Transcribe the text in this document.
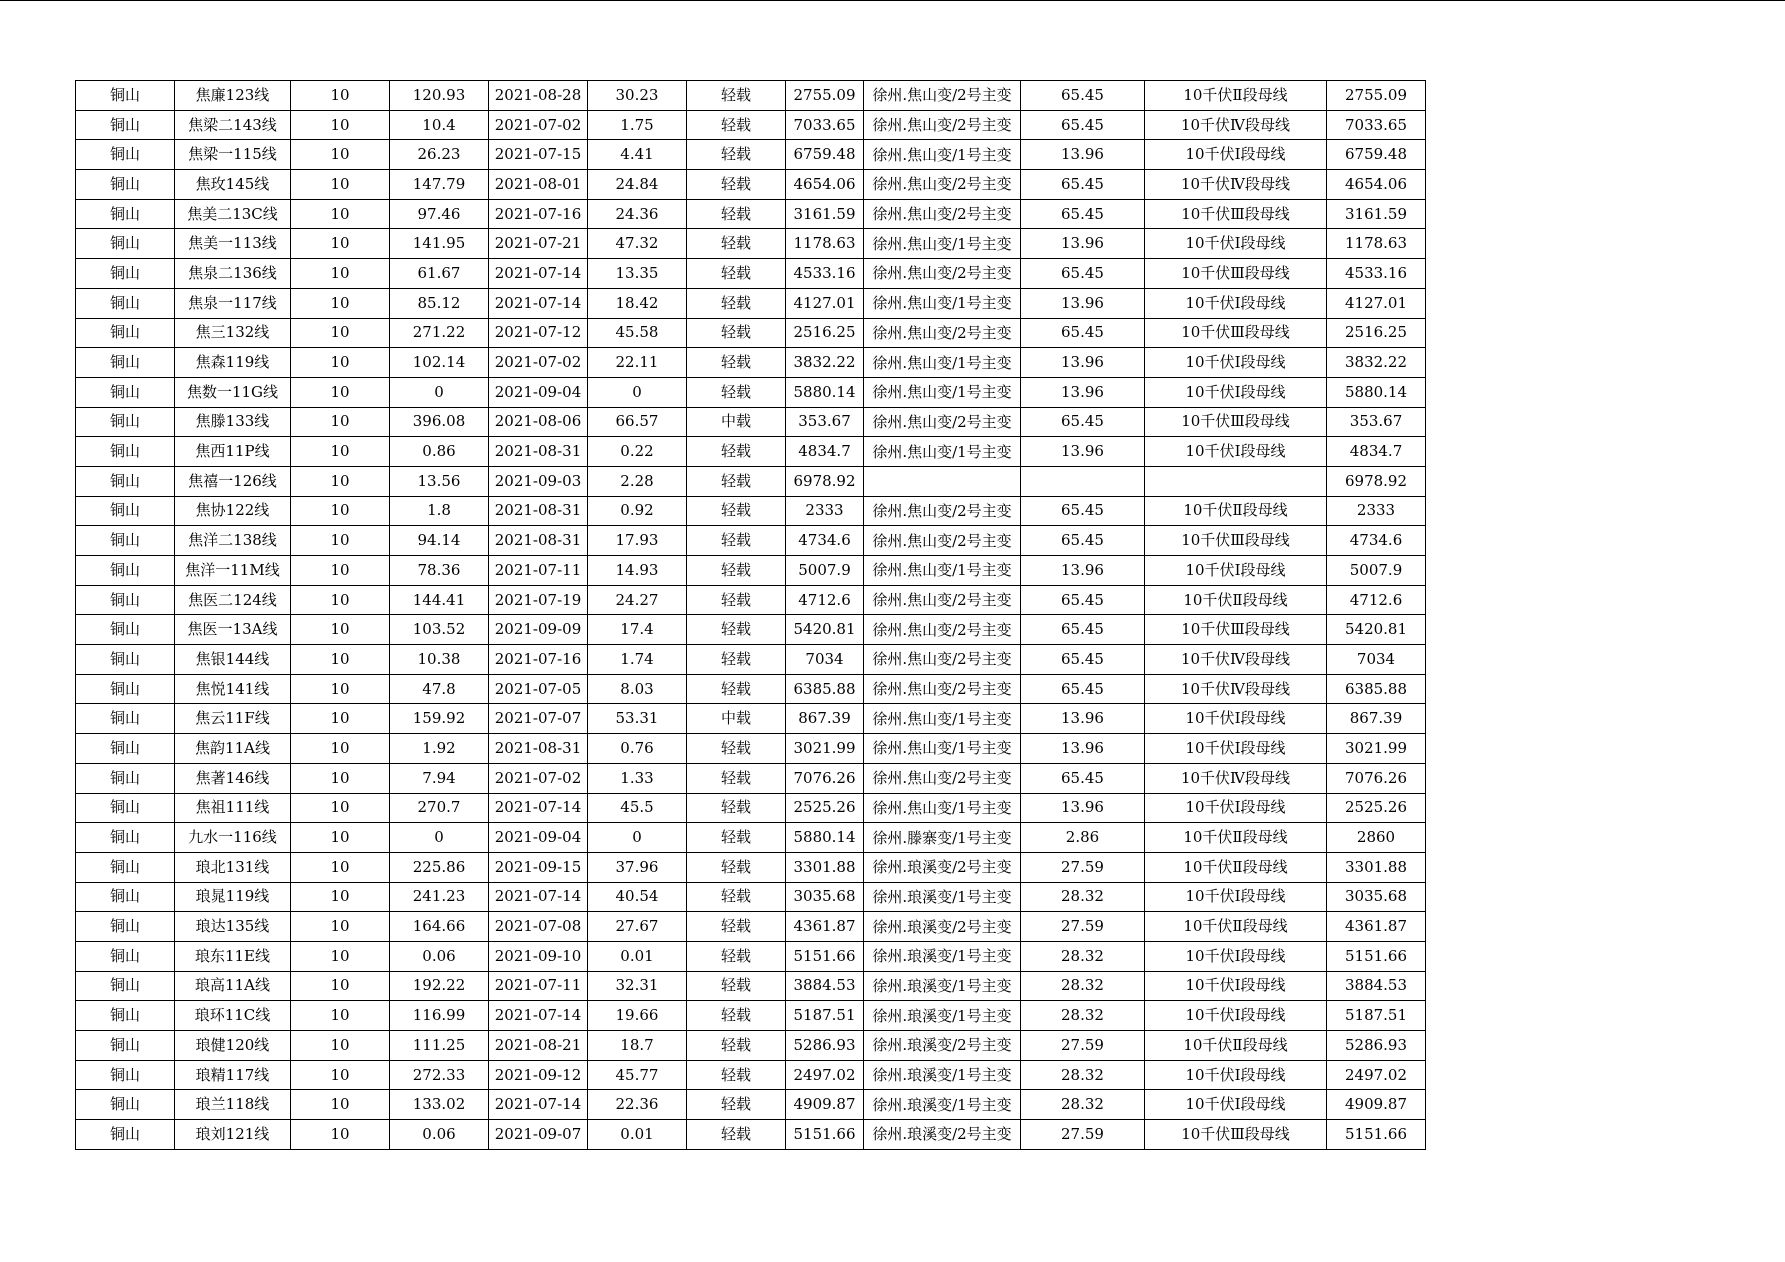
铜山	焦廉123线	10	120.93	2021-08-28	30.23	轻载	2755.09	徐州.焦山变/2号主变	65.45	10千伏Ⅱ段母线	2755.09
铜山	焦梁二143线	10	10.4	2021-07-02	1.75	轻载	7033.65	徐州.焦山变/2号主变	65.45	10千伏Ⅳ段母线	7033.65
铜山	焦梁一115线	10	26.23	2021-07-15	4.41	轻载	6759.48	徐州.焦山变/1号主变	13.96	10千伏Ⅰ段母线	6759.48
铜山	焦玫145线	10	147.79	2021-08-01	24.84	轻载	4654.06	徐州.焦山变/2号主变	65.45	10千伏Ⅳ段母线	4654.06
铜山	焦美二13C线	10	97.46	2021-07-16	24.36	轻载	3161.59	徐州.焦山变/2号主变	65.45	10千伏Ⅲ段母线	3161.59
铜山	焦美一113线	10	141.95	2021-07-21	47.32	轻载	1178.63	徐州.焦山变/1号主变	13.96	10千伏Ⅰ段母线	1178.63
铜山	焦泉二136线	10	61.67	2021-07-14	13.35	轻载	4533.16	徐州.焦山变/2号主变	65.45	10千伏Ⅲ段母线	4533.16
铜山	焦泉一117线	10	85.12	2021-07-14	18.42	轻载	4127.01	徐州.焦山变/1号主变	13.96	10千伏Ⅰ段母线	4127.01
铜山	焦三132线	10	271.22	2021-07-12	45.58	轻载	2516.25	徐州.焦山变/2号主变	65.45	10千伏Ⅲ段母线	2516.25
铜山	焦森119线	10	102.14	2021-07-02	22.11	轻载	3832.22	徐州.焦山变/1号主变	13.96	10千伏Ⅰ段母线	3832.22
铜山	焦数一11G线	10	0	2021-09-04	0	轻载	5880.14	徐州.焦山变/1号主变	13.96	10千伏Ⅰ段母线	5880.14
铜山	焦滕133线	10	396.08	2021-08-06	66.57	中载	353.67	徐州.焦山变/2号主变	65.45	10千伏Ⅲ段母线	353.67
铜山	焦西11P线	10	0.86	2021-08-31	0.22	轻载	4834.7	徐州.焦山变/1号主变	13.96	10千伏Ⅰ段母线	4834.7
铜山	焦禧一126线	10	13.56	2021-09-03	2.28	轻载	6978.92				6978.92
铜山	焦协122线	10	1.8	2021-08-31	0.92	轻载	2333	徐州.焦山变/2号主变	65.45	10千伏Ⅱ段母线	2333
铜山	焦洋二138线	10	94.14	2021-08-31	17.93	轻载	4734.6	徐州.焦山变/2号主变	65.45	10千伏Ⅲ段母线	4734.6
铜山	焦洋一11M线	10	78.36	2021-07-11	14.93	轻载	5007.9	徐州.焦山变/1号主变	13.96	10千伏Ⅰ段母线	5007.9
铜山	焦医二124线	10	144.41	2021-07-19	24.27	轻载	4712.6	徐州.焦山变/2号主变	65.45	10千伏Ⅱ段母线	4712.6
铜山	焦医一13A线	10	103.52	2021-09-09	17.4	轻载	5420.81	徐州.焦山变/2号主变	65.45	10千伏Ⅲ段母线	5420.81
铜山	焦银144线	10	10.38	2021-07-16	1.74	轻载	7034	徐州.焦山变/2号主变	65.45	10千伏Ⅳ段母线	7034
铜山	焦悦141线	10	47.8	2021-07-05	8.03	轻载	6385.88	徐州.焦山变/2号主变	65.45	10千伏Ⅳ段母线	6385.88
铜山	焦云11F线	10	159.92	2021-07-07	53.31	中载	867.39	徐州.焦山变/1号主变	13.96	10千伏Ⅰ段母线	867.39
铜山	焦韵11A线	10	1.92	2021-08-31	0.76	轻载	3021.99	徐州.焦山变/1号主变	13.96	10千伏Ⅰ段母线	3021.99
铜山	焦著146线	10	7.94	2021-07-02	1.33	轻载	7076.26	徐州.焦山变/2号主变	65.45	10千伏Ⅳ段母线	7076.26
铜山	焦祖111线	10	270.7	2021-07-14	45.5	轻载	2525.26	徐州.焦山变/1号主变	13.96	10千伏Ⅰ段母线	2525.26
铜山	九水一116线	10	0	2021-09-04	0	轻载	5880.14	徐州.滕寨变/1号主变	2.86	10千伏Ⅱ段母线	2860
铜山	琅北131线	10	225.86	2021-09-15	37.96	轻载	3301.88	徐州.琅溪变/2号主变	27.59	10千伏Ⅱ段母线	3301.88
铜山	琅晁119线	10	241.23	2021-07-14	40.54	轻载	3035.68	徐州.琅溪变/1号主变	28.32	10千伏Ⅰ段母线	3035.68
铜山	琅达135线	10	164.66	2021-07-08	27.67	轻载	4361.87	徐州.琅溪变/2号主变	27.59	10千伏Ⅱ段母线	4361.87
铜山	琅东11E线	10	0.06	2021-09-10	0.01	轻载	5151.66	徐州.琅溪变/1号主变	28.32	10千伏Ⅰ段母线	5151.66
铜山	琅高11A线	10	192.22	2021-07-11	32.31	轻载	3884.53	徐州.琅溪变/1号主变	28.32	10千伏Ⅰ段母线	3884.53
铜山	琅环11C线	10	116.99	2021-07-14	19.66	轻载	5187.51	徐州.琅溪变/1号主变	28.32	10千伏Ⅰ段母线	5187.51
铜山	琅健120线	10	111.25	2021-08-21	18.7	轻载	5286.93	徐州.琅溪变/2号主变	27.59	10千伏Ⅱ段母线	5286.93
铜山	琅精117线	10	272.33	2021-09-12	45.77	轻载	2497.02	徐州.琅溪变/1号主变	28.32	10千伏Ⅰ段母线	2497.02
铜山	琅兰118线	10	133.02	2021-07-14	22.36	轻载	4909.87	徐州.琅溪变/1号主变	28.32	10千伏Ⅰ段母线	4909.87
铜山	琅刘121线	10	0.06	2021-09-07	0.01	轻载	5151.66	徐州.琅溪变/2号主变	27.59	10千伏Ⅲ段母线	5151.66
